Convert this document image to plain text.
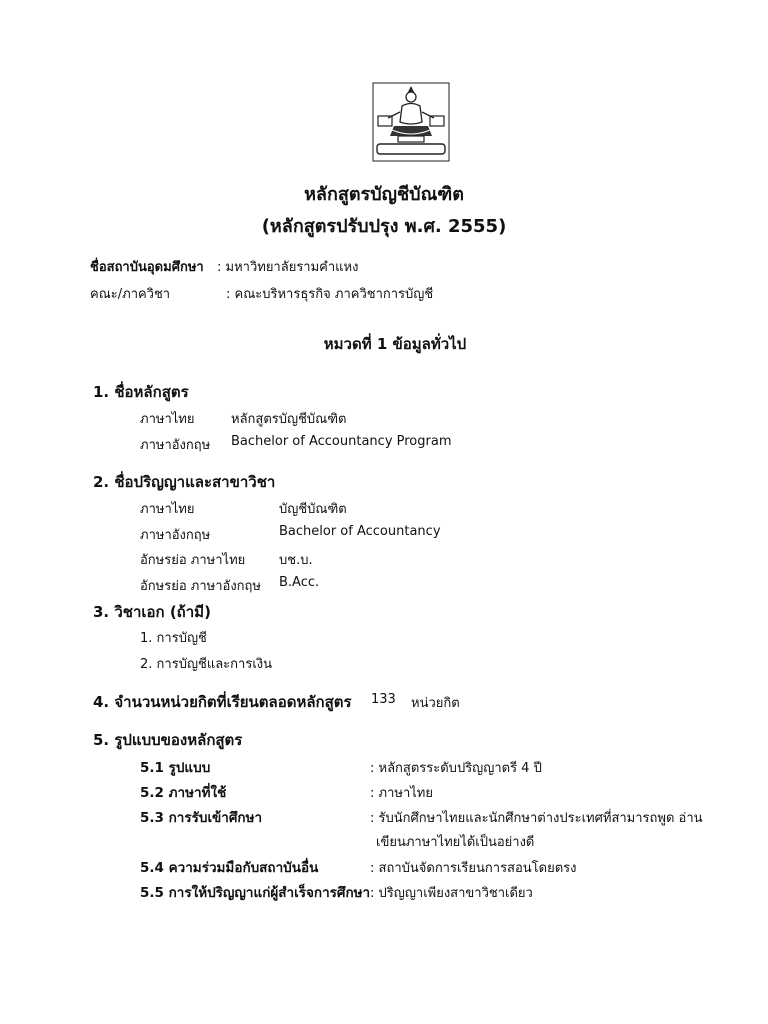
หลักสูตรบัญชีบัณฑิต
(หลักสูตรปรับปรุง พ.ศ. 2555)
ชื่อสถาบันอุดมศึกษา : มหาวิทยาลัยรามคำแหง
คณะ/ภาควิชา	: คณะบริหารธุรกิจ ภาควิชาการบัญชี
หมวดที่ 1 ข้อมูลทั่วไป
1. ชื่อหลักสูตร
ภาษาไทย	หลักสูตรบัญชีบัณฑิต
ภาษาอังกฤษ Bachelor of Accountancy Program
2. ชื่อปริญญาและสาขาวิชา
ภาษาไทย	บัญชีบัณฑิต
ภาษาอังกฤษ	Bachelor of Accountancy
อักษรย่อ ภาษาไทย	บช.บ.
อักษรย่อ ภาษาอังกฤษ B.Acc.
3. วิชาเอก (ถ้ามี)
1. การบัญชี
2. การบัญชีและการเงิน
4. จำนวนหน่วยกิตที่เรียนตลอดหลักสูตร 133 หน่วยกิต
5. รูปแบบของหลักสูตร
5.1 รูปแบบ	: หลักสูตรระดับปริญญาตรี 4 ปี
5.2 ภาษาที่ใช้	: ภาษาไทย
5.3 การรับเข้าศึกษา	: รับนักศึกษาไทยและนักศึกษาต่างประเทศที่สามารถพูด อ่าน
เขียนภาษาไทยได้เป็นอย่างดี
5.4 ความร่วมมือกับสถาบันอื่น	: สถาบันจัดการเรียนการสอนโดยตรง
5.5 การให้ปริญญาแก่ผู้สำเร็จการศึกษา : ปริญญาเพียงสาขาวิชาเดียว
